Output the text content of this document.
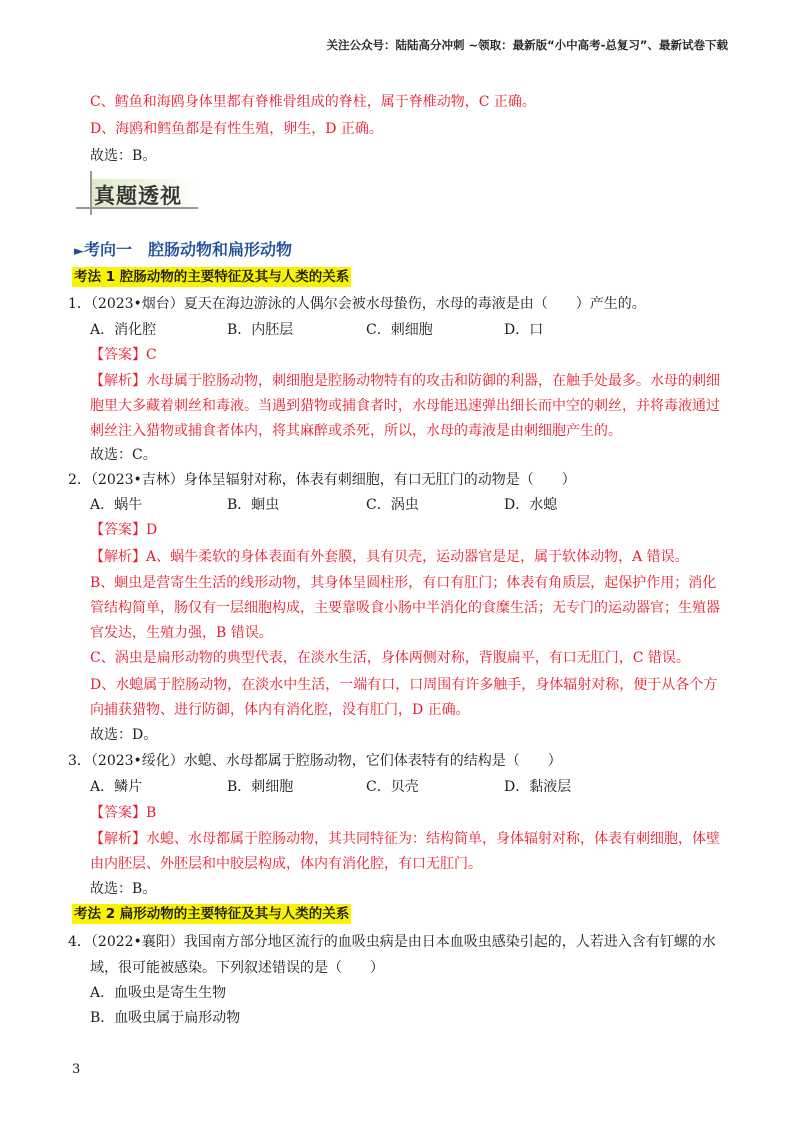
关注公众号：陆陆高分冲刺 ~领取：最新版“小中高考-总复习”、最新试卷下载
C、鳕鱼和海鸥身体里都有脊椎骨组成的脊柱，属于脊椎动物，C 正确。
D、海鸥和鳕鱼都是有性生殖，卵生，D 正确。
故选：B。
真题透视
►考向一　腔肠动物和扁形动物
考法 1 腔肠动物的主要特征及其与人类的关系
1．（2023•烟台）夏天在海边游泳的人偶尔会被水母蛰伤，水母的毒液是由（　　）产生的。
A．消化腔	B．内胚层	C．刺细胞	D．口
【答案】C
【解析】水母属于腔肠动物，刺细胞是腔肠动物特有的攻击和防御的利器，在触手处最多。水母的刺细
胞里大多藏着刺丝和毒液。当遇到猎物或捕食者时，水母能迅速弹出细长而中空的刺丝，并将毒液通过
刺丝注入猎物或捕食者体内，将其麻醉或杀死，所以，水母的毒液是由刺细胞产生的。
故选：C。
2．（2023•吉林）身体呈辐射对称，体表有刺细胞，有口无肛门的动物是（　　）
A．蜗牛	B．蛔虫	C．涡虫	D．水螅
【答案】D
【解析】A、蜗牛柔软的身体表面有外套膜，具有贝壳，运动器官是足，属于软体动物，A 错误。
B、蛔虫是营寄生生活的线形动物，其身体呈圆柱形，有口有肛门；体表有角质层，起保护作用；消化
管结构简单，肠仅有一层细胞构成，主要靠吸食小肠中半消化的食糜生活；无专门的运动器官；生殖器
官发达，生殖力强，B 错误。
C、涡虫是扁形动物的典型代表，在淡水生活，身体两侧对称，背腹扁平，有口无肛门，C 错误。
D、水螅属于腔肠动物，在淡水中生活，一端有口，口周围有许多触手，身体辐射对称，便于从各个方
向捕获猎物、进行防御，体内有消化腔，没有肛门，D 正确。
故选：D。
3．（2023•绥化）水螅、水母都属于腔肠动物，它们体表特有的结构是（　　）
A．鳞片	B．刺细胞	C．贝壳	D．黏液层
【答案】B
【解析】水螅、水母都属于腔肠动物，其共同特征为：结构简单，身体辐射对称，体表有刺细胞，体壁
由内胚层、外胚层和中胶层构成，体内有消化腔，有口无肛门。
故选：B。
考法 2 扁形动物的主要特征及其与人类的关系
4．（2022•襄阳）我国南方部分地区流行的血吸虫病是由日本血吸虫感染引起的，人若进入含有钉螺的水
域，很可能被感染。下列叙述错误的是（　　）
A．血吸虫是寄生生物
B．血吸虫属于扁形动物
3
